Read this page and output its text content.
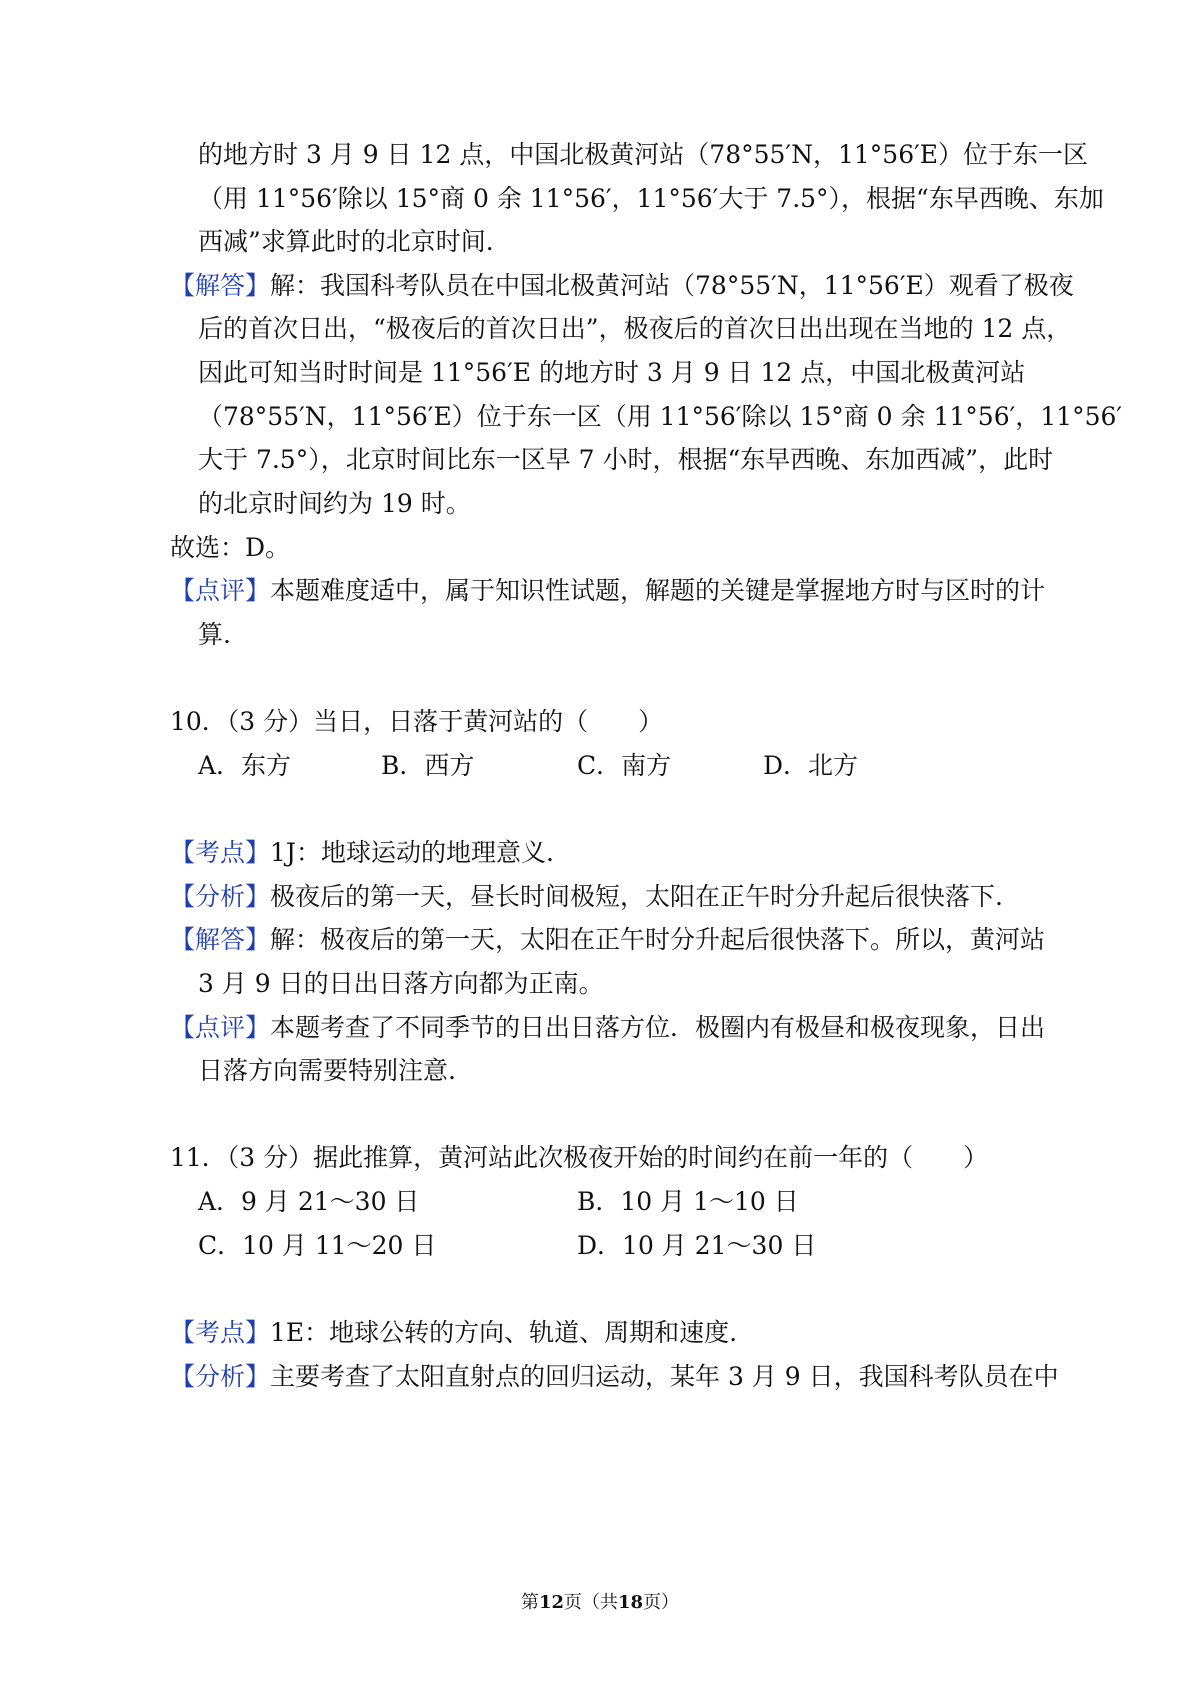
的地方时 3 月 9 日 12 点，中国北极黄河站（78°55′N，11°56′E）位于东一区
（用 11°56′除以 15°商 0 余 11°56′，11°56′大于 7.5°），根据“东早西晚、东加
西减”求算此时的北京时间.
【解答】解：我国科考队员在中国北极黄河站（78°55′N，11°56′E）观看了极夜
后的首次日出，“极夜后的首次日出”，极夜后的首次日出出现在当地的 12 点，
因此可知当时时间是 11°56′E 的地方时 3 月 9 日 12 点，中国北极黄河站
（78°55′N，11°56′E）位于东一区（用 11°56′除以 15°商 0 余 11°56′，11°56′
大于 7.5°），北京时间比东一区早 7 小时，根据“东早西晚、东加西减”，此时
的北京时间约为 19 时。
故选：D。
【点评】本题难度适中，属于知识性试题，解题的关键是掌握地方时与区时的计
算.
10．（3 分）当日，日落于黄河站的（　　）
A．东方	B．西方	C．南方	D．北方
【考点】1J：地球运动的地理意义.
【分析】极夜后的第一天，昼长时间极短，太阳在正午时分升起后很快落下.
【解答】解：极夜后的第一天，太阳在正午时分升起后很快落下。所以，黄河站
3 月 9 日的日出日落方向都为正南。
【点评】本题考查了不同季节的日出日落方位．极圈内有极昼和极夜现象，日出
日落方向需要特别注意.
11．（3 分）据此推算，黄河站此次极夜开始的时间约在前一年的（　　）
A．9 月 21～30 日	B．10 月 1～10 日
C．10 月 11～20 日	D．10 月 21～30 日
【考点】1E：地球公转的方向、轨道、周期和速度.
【分析】主要考查了太阳直射点的回归运动，某年 3 月 9 日，我国科考队员在中
第12页（共18页）
